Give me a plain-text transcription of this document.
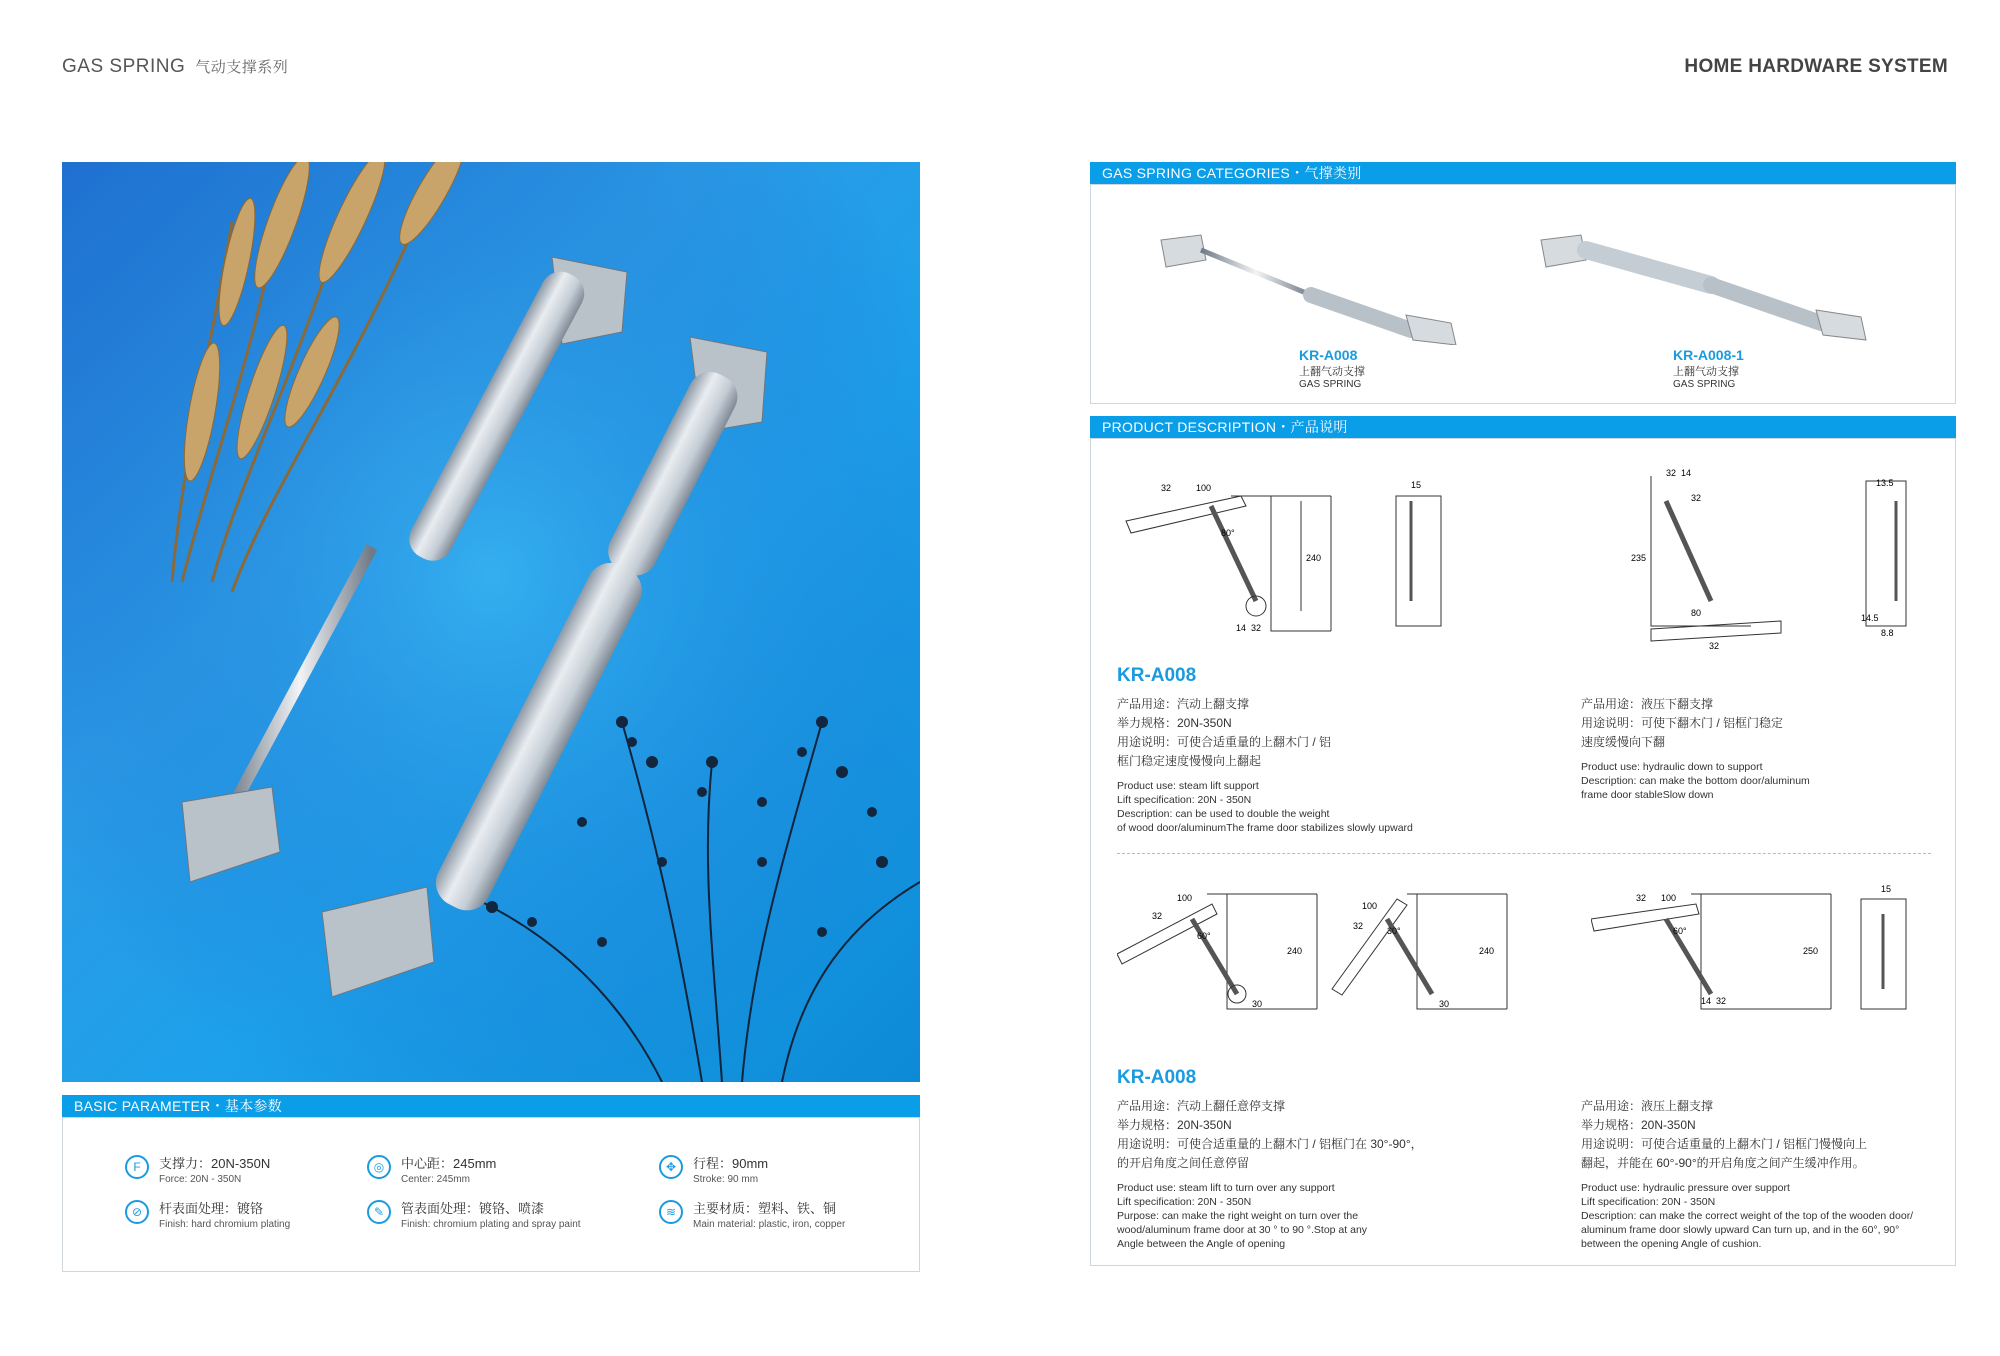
GAS SPRING 气动支撑系列	HOME HARDWARE SYSTEM
BASIC PARAMETER・基本参数
F	支撑力：20N-350N
Force: 20N - 350N
◎	中心距：245mm
Center: 245mm
✥	行程：90mm
Stroke: 90 mm
⊘	杆表面处理：镀铬
Finish: hard chromium plating
✎	管表面处理：镀铬、喷漆
Finish: chromium plating and spray paint
≋	主要材质：塑料、铁、铜
Main material: plastic, iron, copper
GAS SPRING CATEGORIES・气撑类别
KR-A008
上翻气动支撑
GAS SPRING
KR-A008-1
上翻气动支撑
GAS SPRING
PRODUCT DESCRIPTION・产品说明
32	100
80°
240
14 32
15
32 14
32
235
80
32
13.5
14.5
8.8
KR-A008
产品用途：汽动上翻支撑
举力规格：20N-350N
用途说明：可使合适重量的上翻木门 / 铝
框门稳定速度慢慢向上翻起
Product use: steam lift support
Lift specification: 20N - 350N
Description: can be used to double the weight
of wood door/aluminumThe frame door stabilizes slowly upward
产品用途：液压下翻支撑
用途说明：可使下翻木门 / 铝框门稳定
速度缓慢向下翻
Product use: hydraulic down to support
Description: can make the bottom door/aluminum
frame door stableSlow down
100
32
60°
240
30
100
32	30°
240
30
32 100
60°
250
15
14 32
KR-A008
产品用途：汽动上翻任意停支撑
举力规格：20N-350N
用途说明：可使合适重量的上翻木门 / 铝框门在 30°-90°，
的开启角度之间任意停留
Product use: steam lift to turn over any support
Lift specification: 20N - 350N
Purpose: can make the right weight on turn over the
wood/aluminum frame door at 30 ° to 90 °.Stop at any
Angle between the Angle of opening
产品用途：液压上翻支撑
举力规格：20N-350N
用途说明：可使合适重量的上翻木门 / 铝框门慢慢向上
翻起，并能在 60°-90°的开启角度之间产生缓冲作用。
Product use: hydraulic pressure over support
Lift specification: 20N - 350N
Description: can make the correct weight of the top of the wooden door/
aluminum frame door slowly upward Can turn up, and in the 60°, 90°
between the opening Angle of cushion.
